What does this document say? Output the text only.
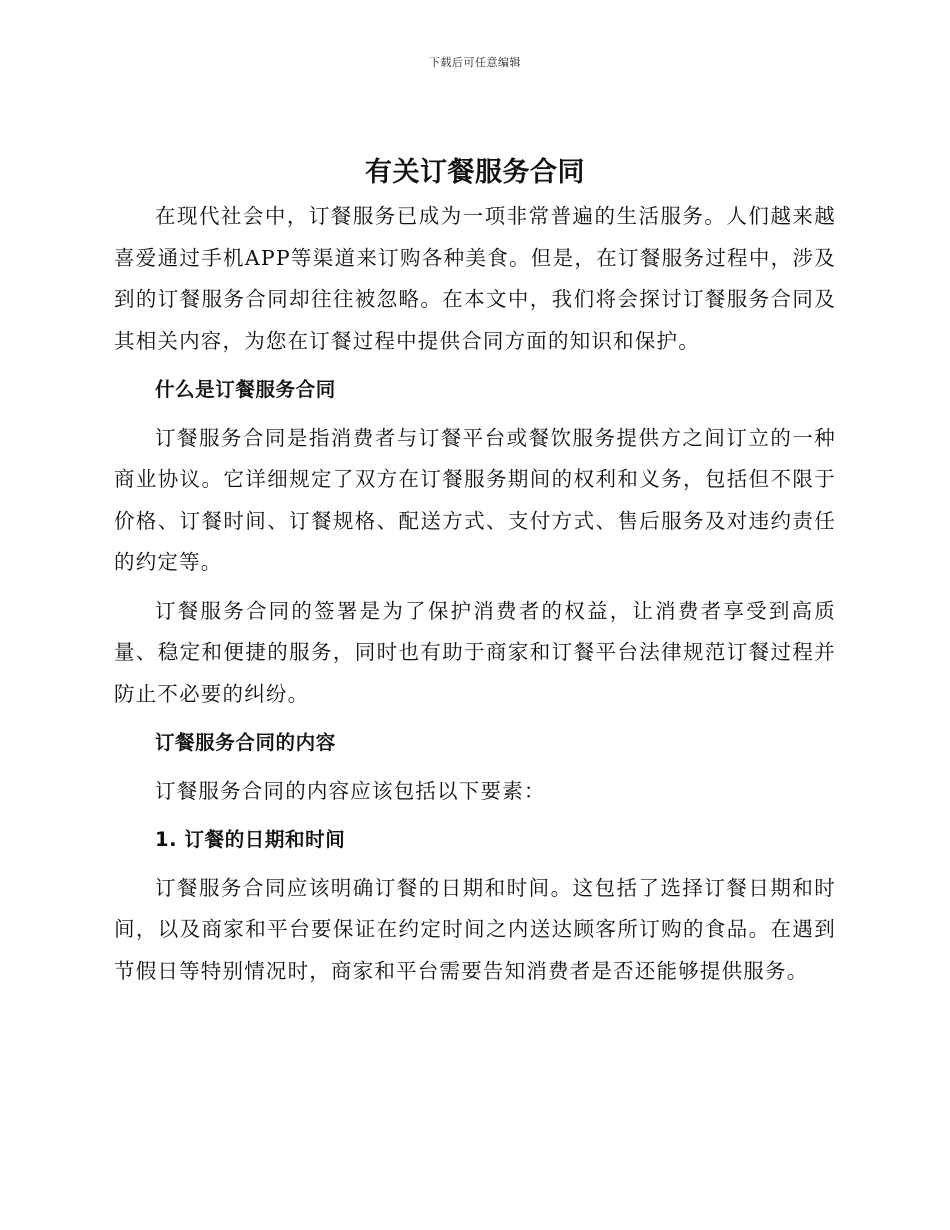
下载后可任意编辑
有关订餐服务合同

在现代社会中，订餐服务已成为一项非常普遍的生活服务。人们越来越喜爱通过手机APP等渠道来订购各种美食。但是，在订餐服务过程中，涉及到的订餐服务合同却往往被忽略。在本文中，我们将会探讨订餐服务合同及其相关内容，为您在订餐过程中提供合同方面的知识和保护。

什么是订餐服务合同

订餐服务合同是指消费者与订餐平台或餐饮服务提供方之间订立的一种商业协议。它详细规定了双方在订餐服务期间的权利和义务，包括但不限于价格、订餐时间、订餐规格、配送方式、支付方式、售后服务及对违约责任的约定等。

订餐服务合同的签署是为了保护消费者的权益，让消费者享受到高质量、稳定和便捷的服务，同时也有助于商家和订餐平台法律规范订餐过程并防止不必要的纠纷。

订餐服务合同的内容

订餐服务合同的内容应该包括以下要素：

1. 订餐的日期和时间

订餐服务合同应该明确订餐的日期和时间。这包括了选择订餐日期和时间，以及商家和平台要保证在约定时间之内送达顾客所订购的食品。在遇到节假日等特别情况时，商家和平台需要告知消费者是否还能够提供服务。
